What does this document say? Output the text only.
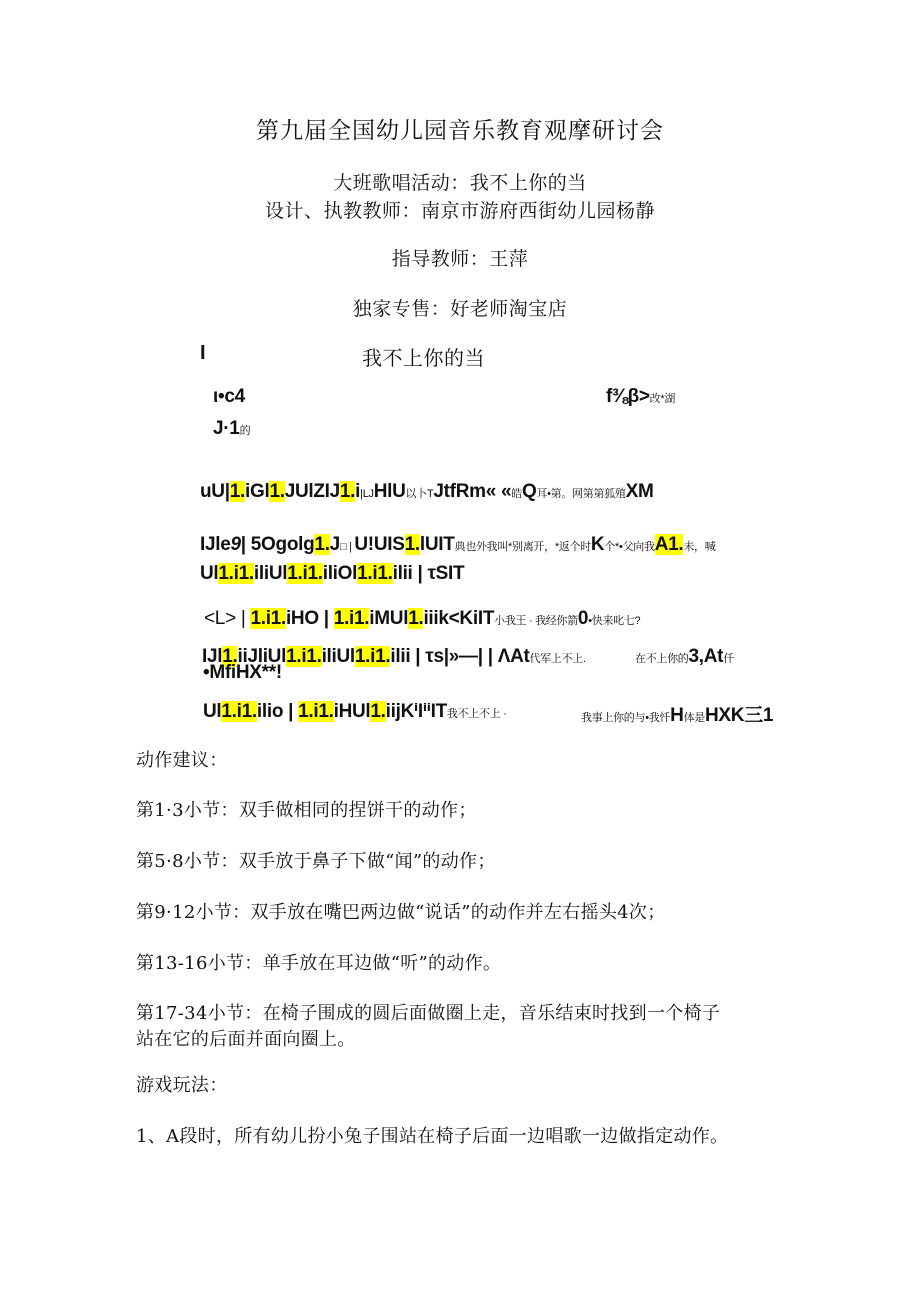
第九届全国幼儿园音乐教育观摩研讨会
大班歌唱活动：我不上你的当
设计、执教教师：南京市游府西街幼儿园杨静
指导教师：王萍
独家专售：好老师淘宝店
I	我不上你的当
ι•c4	f⅜β>改*湖
J·1的
uU|1.iGl1.JUlZIJ1.i|LJHlU以卜TJtfRm« «皓Q耳•第。网第第狐殖XM
IJle9| 5Ogolg1.J□ | U!UIS1.lUIT典也外我叫*别离开，*返个时K个*•父向我A1.未，喊
Ul1.i1.iliUl1.i1.iliOl1.i1.ilii | τSIT
<L> | 1.i1.iHO | 1.i1.iMUl1.iiik<KiIT小我王 · 我经你箭0•快来叱七?
IJl1.iiJliUl1.i1.iliUl1.i1.ilii | τs|»—| | ΛAt代军上不上.	在不上你的3,At仟
•MfiHX**!
Ul1.i1.ilio | 1.i1.iHUl1.iijKⁱIⁱⁱIT我不上不上 ·	我事上你的与•我忏H体是HXK三1
动作建议：
第1·3小节：双手做相同的捏饼干的动作；
第5·8小节：双手放于鼻子下做“闻”的动作；
第9·12小节：双手放在嘴巴两边做“说话”的动作并左右摇头4次；
第13-16小节：单手放在耳边做“听”的动作。
第17-34小节：在椅子围成的圆后面做圈上走，音乐结束时找到一个椅子
站在它的后面并面向圈上。
游戏玩法：
1、A段时，所有幼儿扮小兔子围站在椅子后面一边唱歌一边做指定动作。
